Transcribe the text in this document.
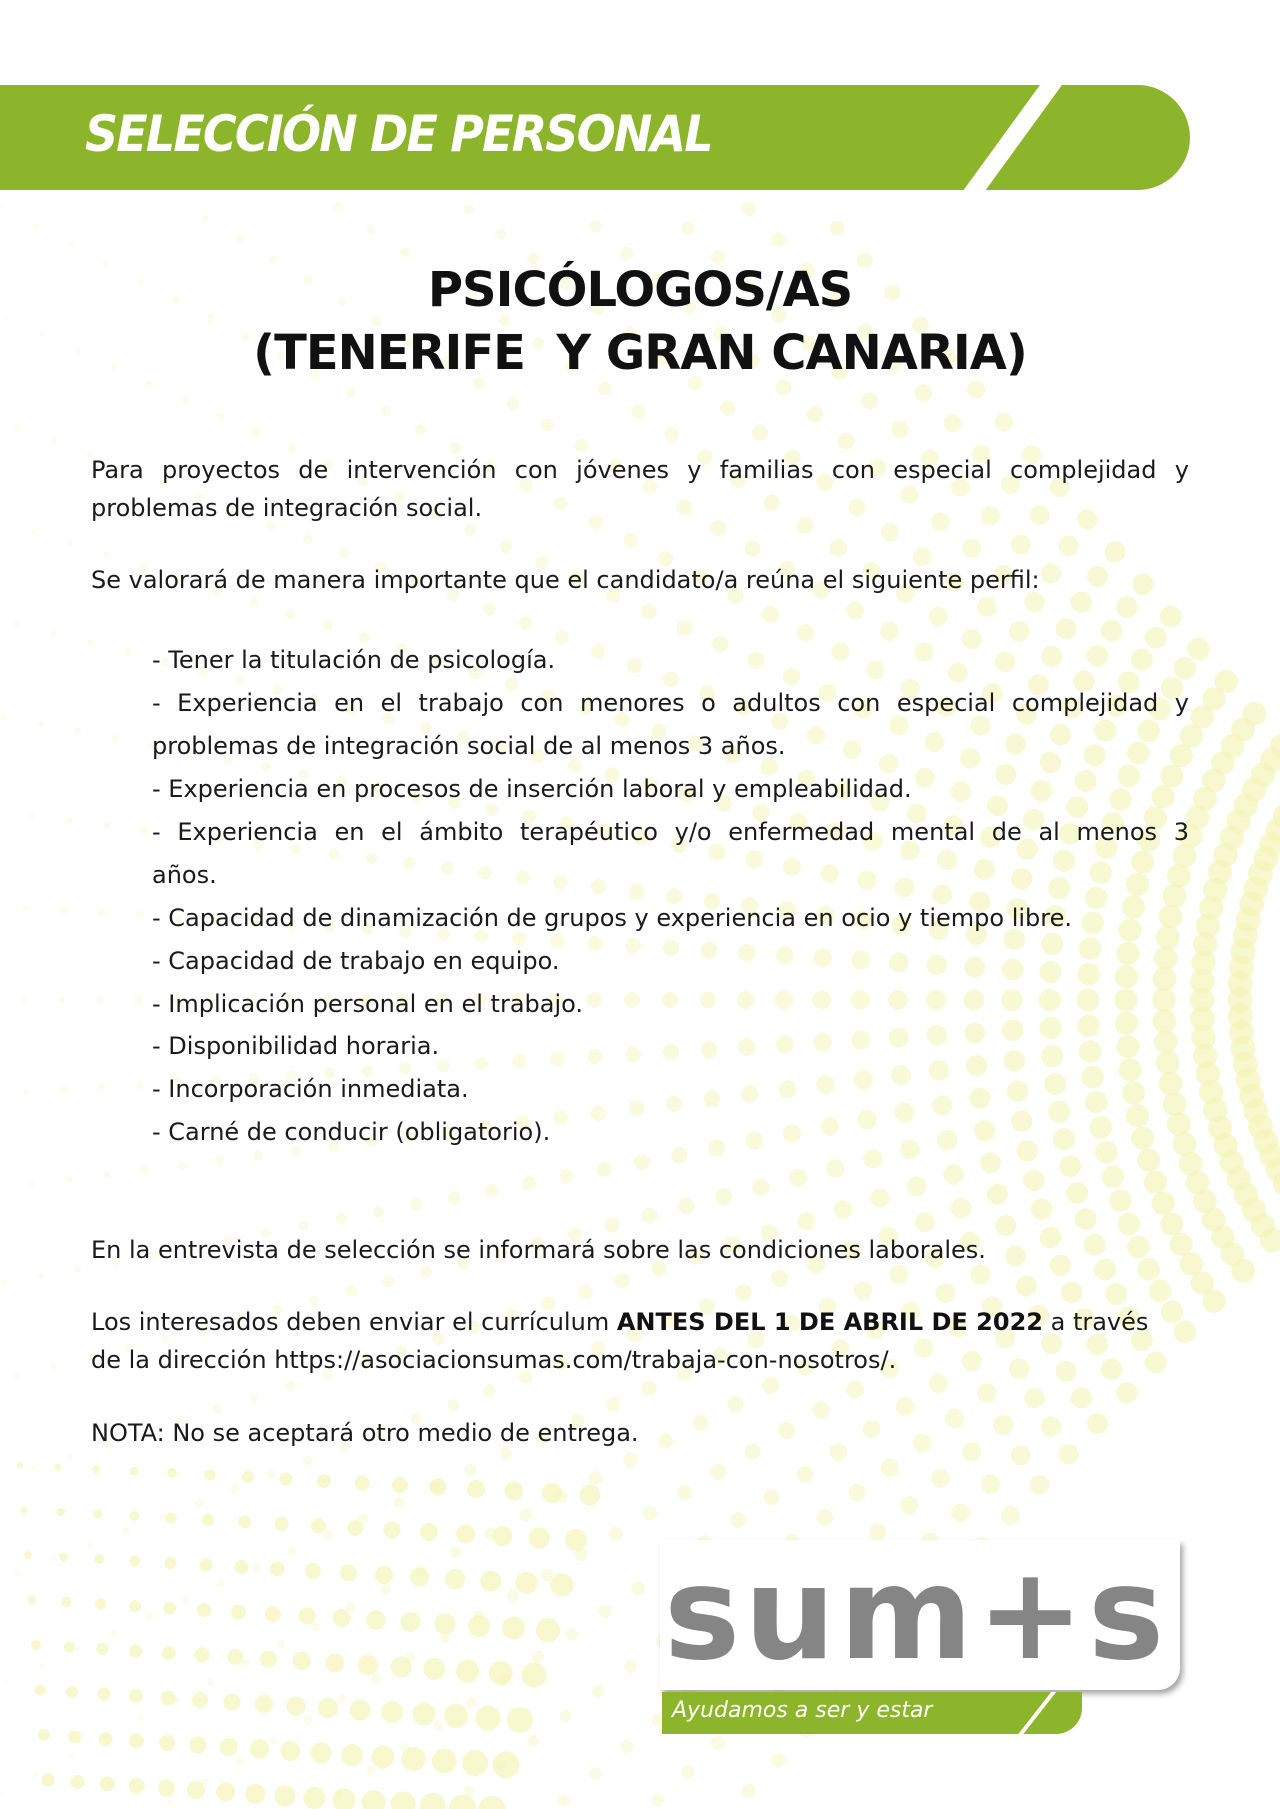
SELECCIÓN DE PERSONAL
PSICÓLOGOS/AS
(TENERIFE  Y GRAN CANARIA)
Para proyectos de intervención con jóvenes y familias con especial complejidad y
problemas de integración social.
Se valorará de manera importante que el candidato/a reúna el siguiente perfil:
- Tener la titulación de psicología.
- Experiencia en el trabajo con menores o adultos con especial complejidad y
problemas de integración social de al menos 3 años.
- Experiencia en procesos de inserción laboral y empleabilidad.
- Experiencia en el ámbito terapéutico y/o enfermedad mental de al menos 3
años.
- Capacidad de dinamización de grupos y experiencia en ocio y tiempo libre.
- Capacidad de trabajo en equipo.
- Implicación personal en el trabajo.
- Disponibilidad horaria.
- Incorporación inmediata.
- Carné de conducir (obligatorio).
En la entrevista de selección se informará sobre las condiciones laborales.
Los interesados deben enviar el currículum ANTES DEL 1 DE ABRIL DE 2022 a través
de la dirección https://asociacionsumas.com/trabaja-con-nosotros/.
NOTA: No se aceptará otro medio de entrega.
sum+s
Ayudamos a ser y estar
